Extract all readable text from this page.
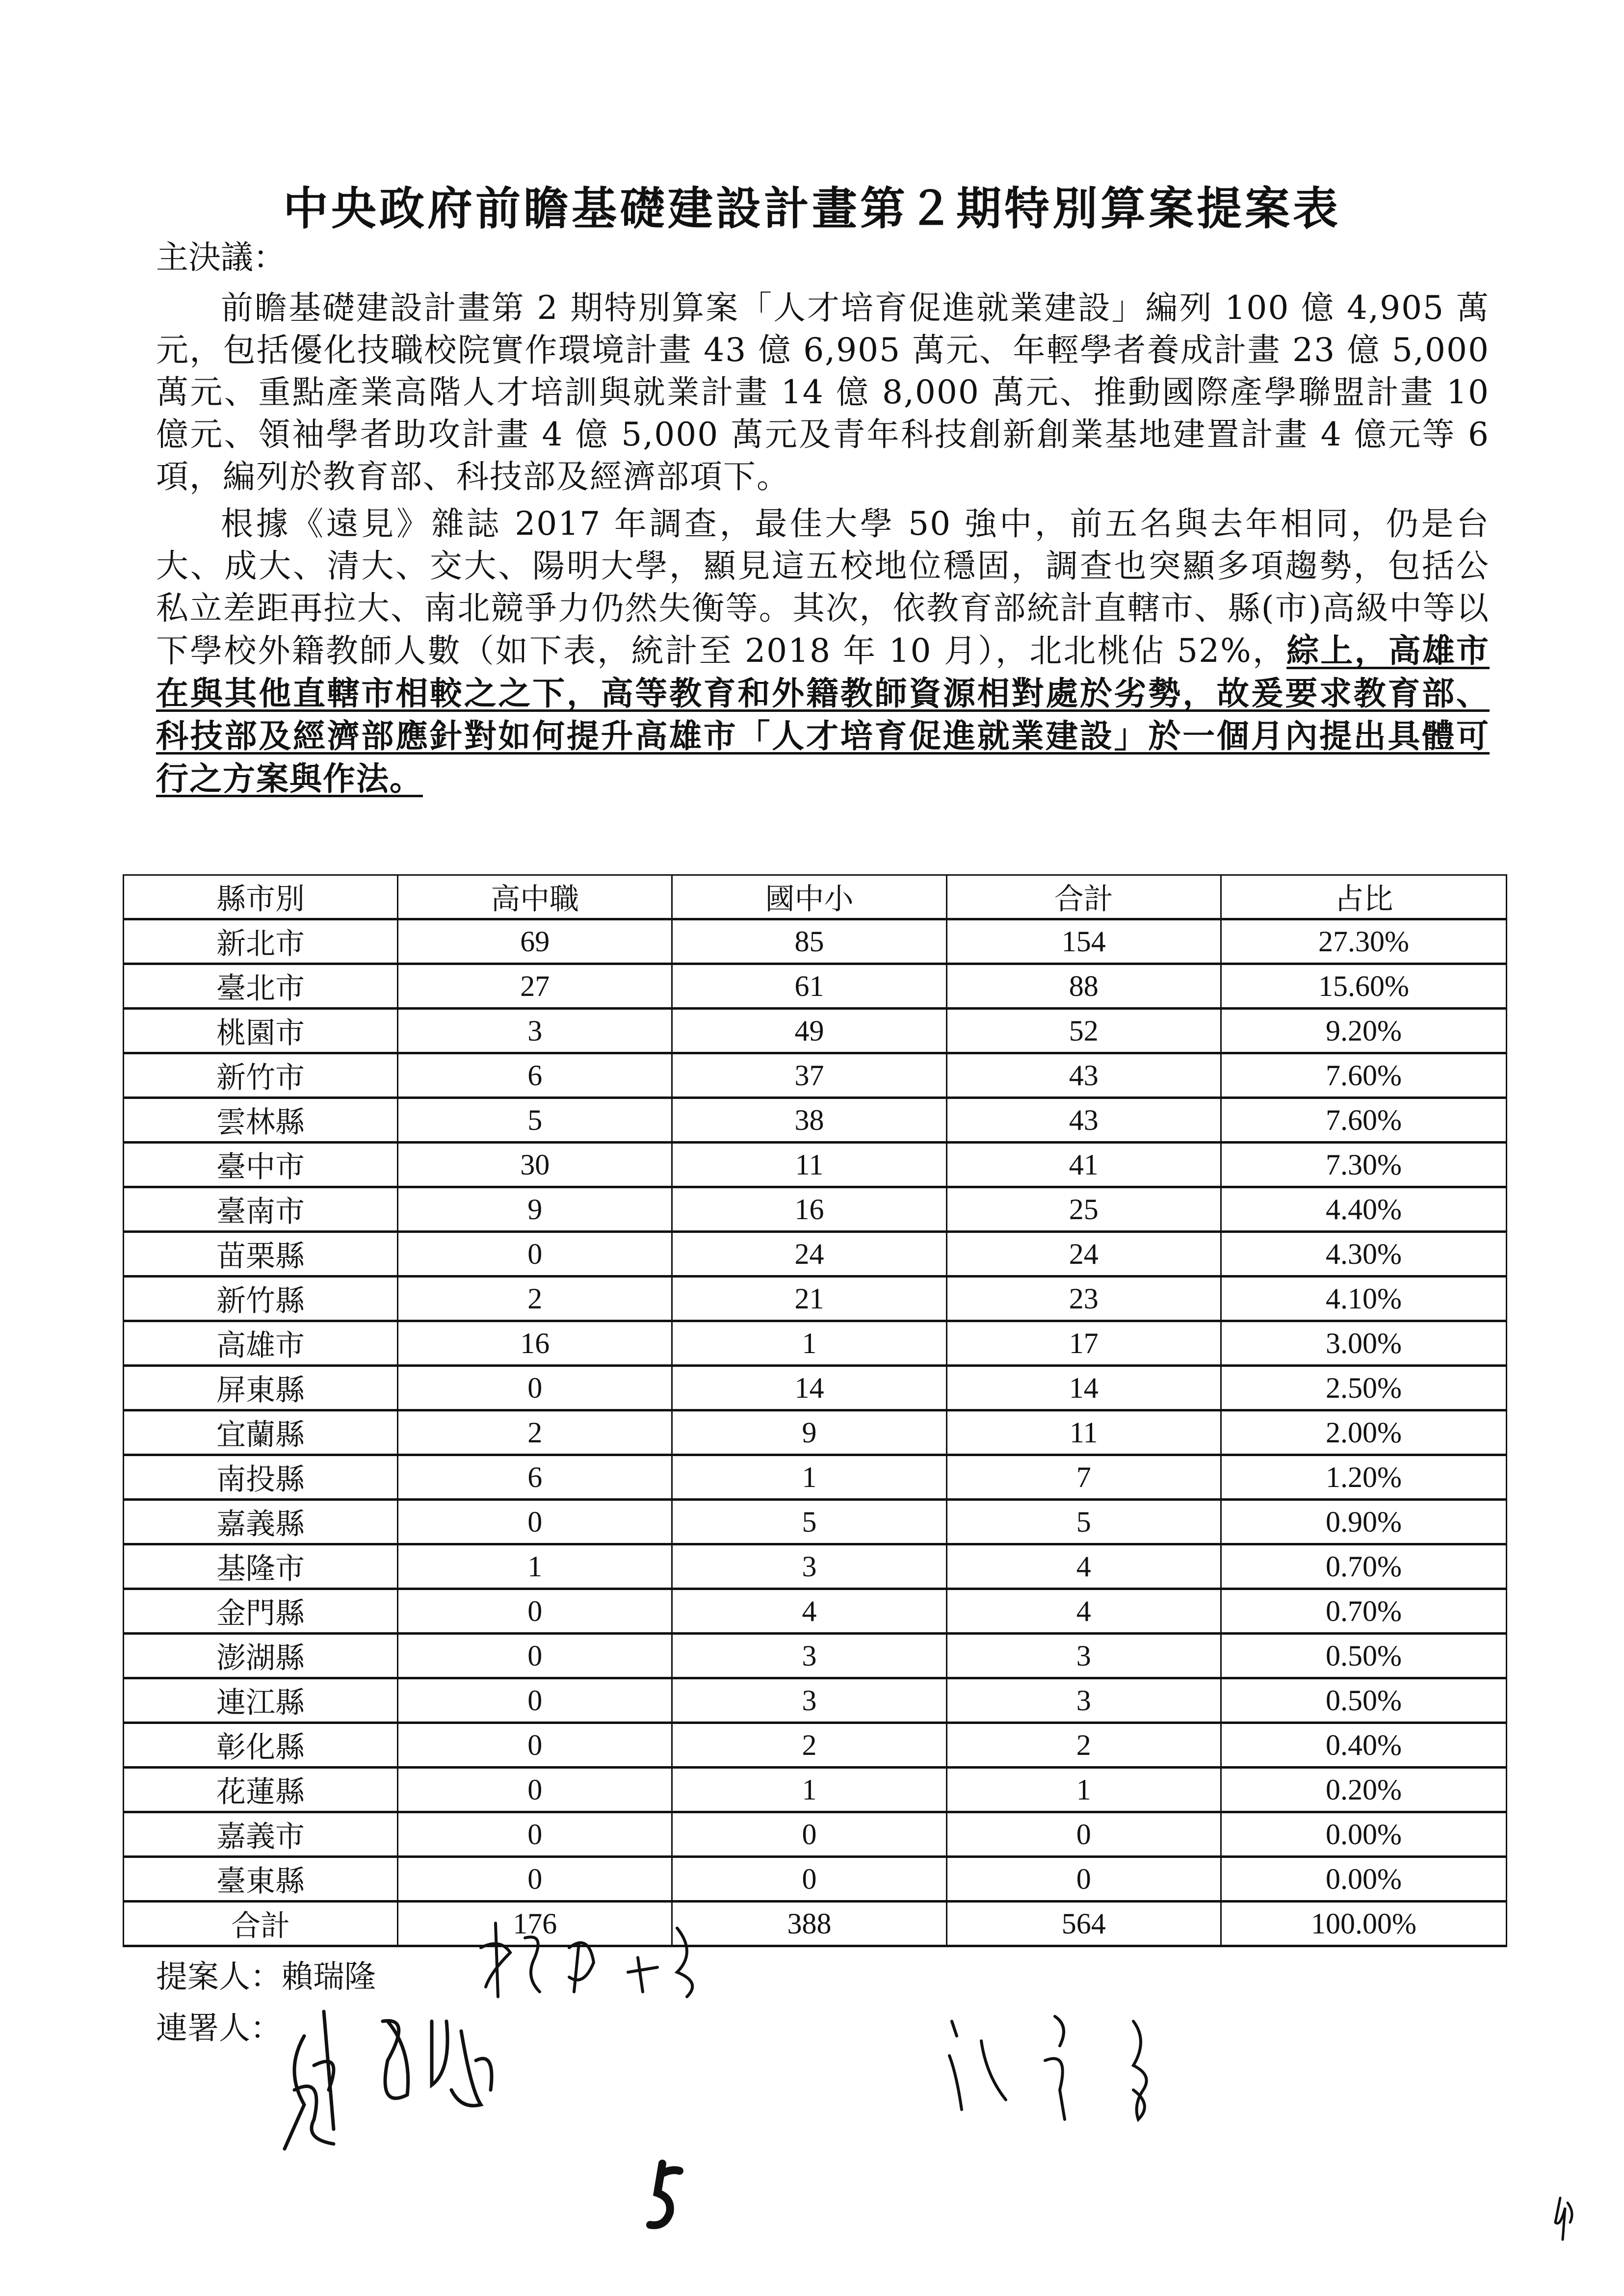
中央政府前瞻基礎建設計畫第２期特別算案提案表
主決議：
前瞻基礎建設計畫第 2 期特別算案「人才培育促進就業建設」編列 100 億 4,905 萬元，包括優化技職校院實作環境計畫 43 億 6,905 萬元、年輕學者養成計畫 23 億 5,000 萬元、重點產業高階人才培訓與就業計畫 14 億 8,000 萬元、推動國際產學聯盟計畫 10 億元、領袖學者助攻計畫 4 億 5,000 萬元及青年科技創新創業基地建置計畫 4 億元等 6 項，編列於教育部、科技部及經濟部項下。
根據《遠見》雜誌 2017 年調查，最佳大學 50 強中，前五名與去年相同，仍是台大、成大、清大、交大、陽明大學，顯見這五校地位穩固，調查也突顯多項趨勢，包括公私立差距再拉大、南北競爭力仍然失衡等。其次，依教育部統計直轄市、縣(市)高級中等以下學校外籍教師人數（如下表，統計至 2018 年 10 月），北北桃佔 52%，綜上，高雄市在與其他直轄市相較之之下，高等教育和外籍教師資源相對處於劣勢，故爰要求教育部、科技部及經濟部應針對如何提升高雄市「人才培育促進就業建設」於一個月內提出具體可行之方案與作法。
縣市別	高中職	國中小	合計	占比
新北市	69	85	154	27.30%
臺北市	27	61	88	15.60%
桃園市	3	49	52	9.20%
新竹市	6	37	43	7.60%
雲林縣	5	38	43	7.60%
臺中市	30	11	41	7.30%
臺南市	9	16	25	4.40%
苗栗縣	0	24	24	4.30%
新竹縣	2	21	23	4.10%
高雄市	16	1	17	3.00%
屏東縣	0	14	14	2.50%
宜蘭縣	2	9	11	2.00%
南投縣	6	1	7	1.20%
嘉義縣	0	5	5	0.90%
基隆市	1	3	4	0.70%
金門縣	0	4	4	0.70%
澎湖縣	0	3	3	0.50%
連江縣	0	3	3	0.50%
彰化縣	0	2	2	0.40%
花蓮縣	0	1	1	0.20%
嘉義市	0	0	0	0.00%
臺東縣	0	0	0	0.00%
合計	176	388	564	100.00%
提案人：賴瑞隆
連署人：
